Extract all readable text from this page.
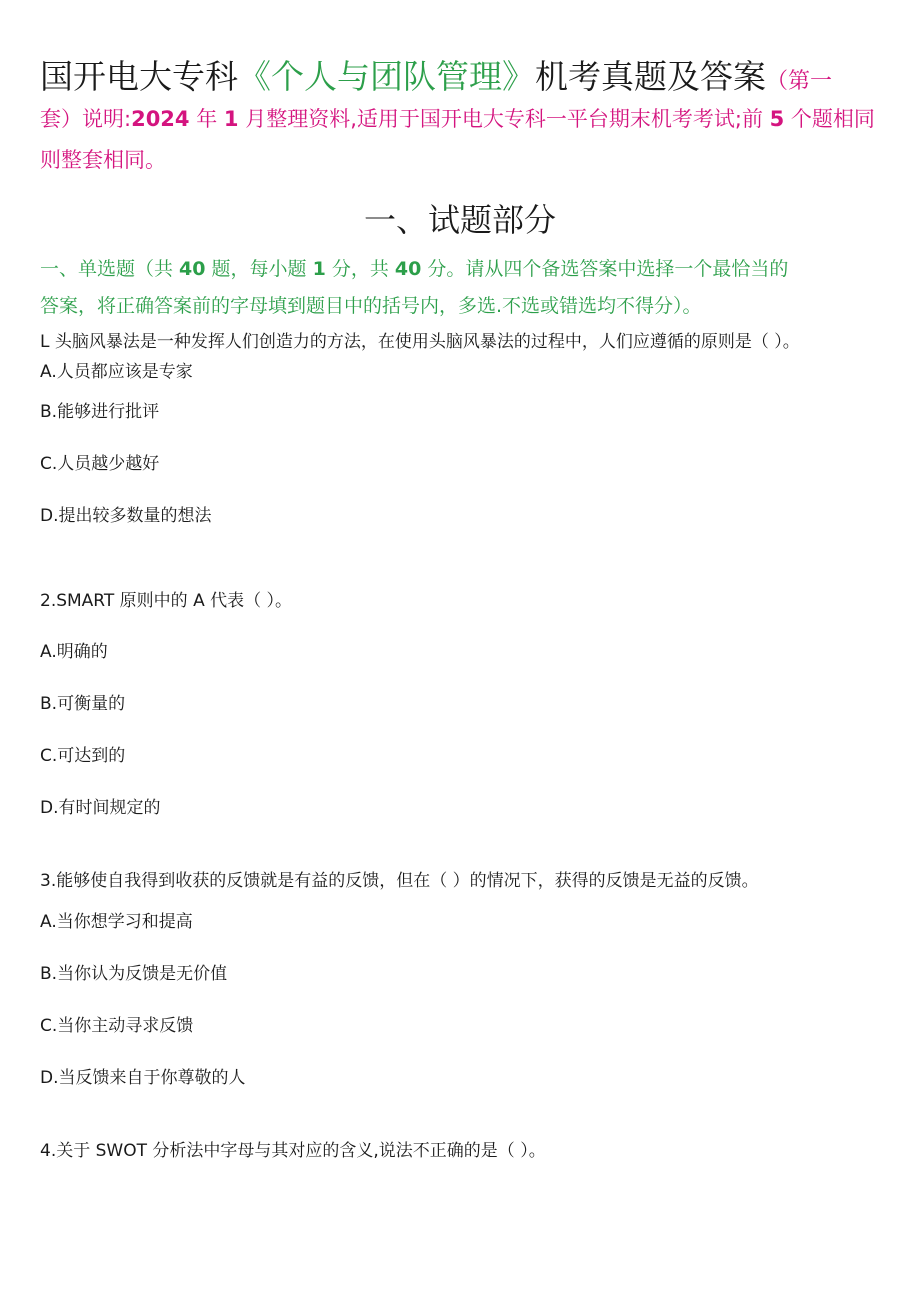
国开电大专科《个人与团队管理》机考真题及答案（第一
套）说明:2024 年 1 月整理资料,适用于国开电大专科一平台期末机考考试;前 5 个题相同
则整套相同。
一、试题部分
一、单选题（共 40 题，每小题 1 分，共 40 分。请从四个备选答案中选择一个最恰当的
答案，将正确答案前的字母填到题目中的括号内，多选.不选或错选均不得分）。
L 头脑风暴法是一种发挥人们创造力的方法，在使用头脑风暴法的过程中，人们应遵循的原则是（ ）。
A.人员都应该是专家
B.能够进行批评
C.人员越少越好
D.提出较多数量的想法
2.SMART 原则中的 A 代表（ ）。
A.明确的
B.可衡量的
C.可达到的
D.有时间规定的
3.能够使自我得到收获的反馈就是有益的反馈，但在（ ）的情况下，获得的反馈是无益的反馈。
A.当你想学习和提高
B.当你认为反馈是无价值
C.当你主动寻求反馈
D.当反馈来自于你尊敬的人
4.关于 SWOT 分析法中字母与其对应的含义,说法不正确的是（ ）。
